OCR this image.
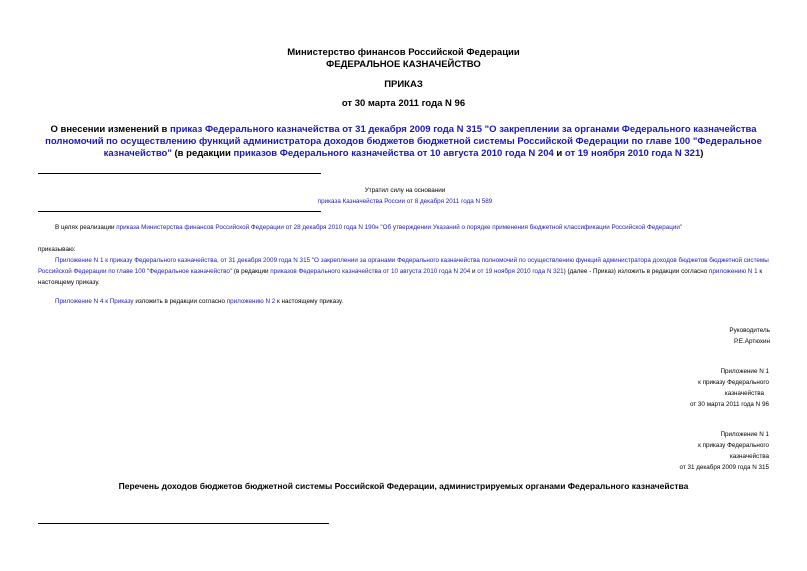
Министерство финансов Российской Федерации
ФЕДЕРАЛЬНОЕ КАЗНАЧЕЙСТВО
ПРИКАЗ
от 30 марта 2011 года N 96
О внесении изменений в приказ Федерального казначейства от 31 декабря 2009 года N 315 "О закреплении за органами Федерального казначейства полномочий по осуществлению функций администратора доходов бюджетов бюджетной системы Российской Федерации по главе 100 "Федеральное казначейство" (в редакции приказов Федерального казначейства от 10 августа 2010 года N 204 и от 19 ноября 2010 года N 321)
Утратил силу на основании
приказа Казначейства России от 8 декабря 2011 года N 589
В целях реализации приказа Министерства финансов Российской Федерации от 28 декабря 2010 года N 190н "Об утверждении Указаний о порядке применения бюджетной классификации Российской Федерации"
приказываю:
Приложение N 1 к приказу Федерального казначейства, от 31 декабря 2009 года N 315 "О закреплении за органами Федерального казначейства полномочий по осуществлению функций администратора доходов бюджетов бюджетной системы Российской Федерации по главе 100 "Федеральное казначейство" (в редакции приказов Федерального казначейства от 10 августа 2010 года N 204 и от 19 ноября 2010 года N 321) (далее - Приказ) изложить в редакции согласно приложению N 1 к настоящему приказу.
Приложение N 4 к Приказу изложить в редакции согласно приложению N 2 к настоящему приказу.
Руководитель
Р.Е.Артюхин
Приложение N 1
к приказу Федерального
казначейства
от 30 марта 2011 года N 96
Приложение N 1
к приказу Федерального
казначейства
от 31 декабря 2009 года N 315
Перечень доходов бюджетов бюджетной системы Российской Федерации, администрируемых органами Федерального казначейства
